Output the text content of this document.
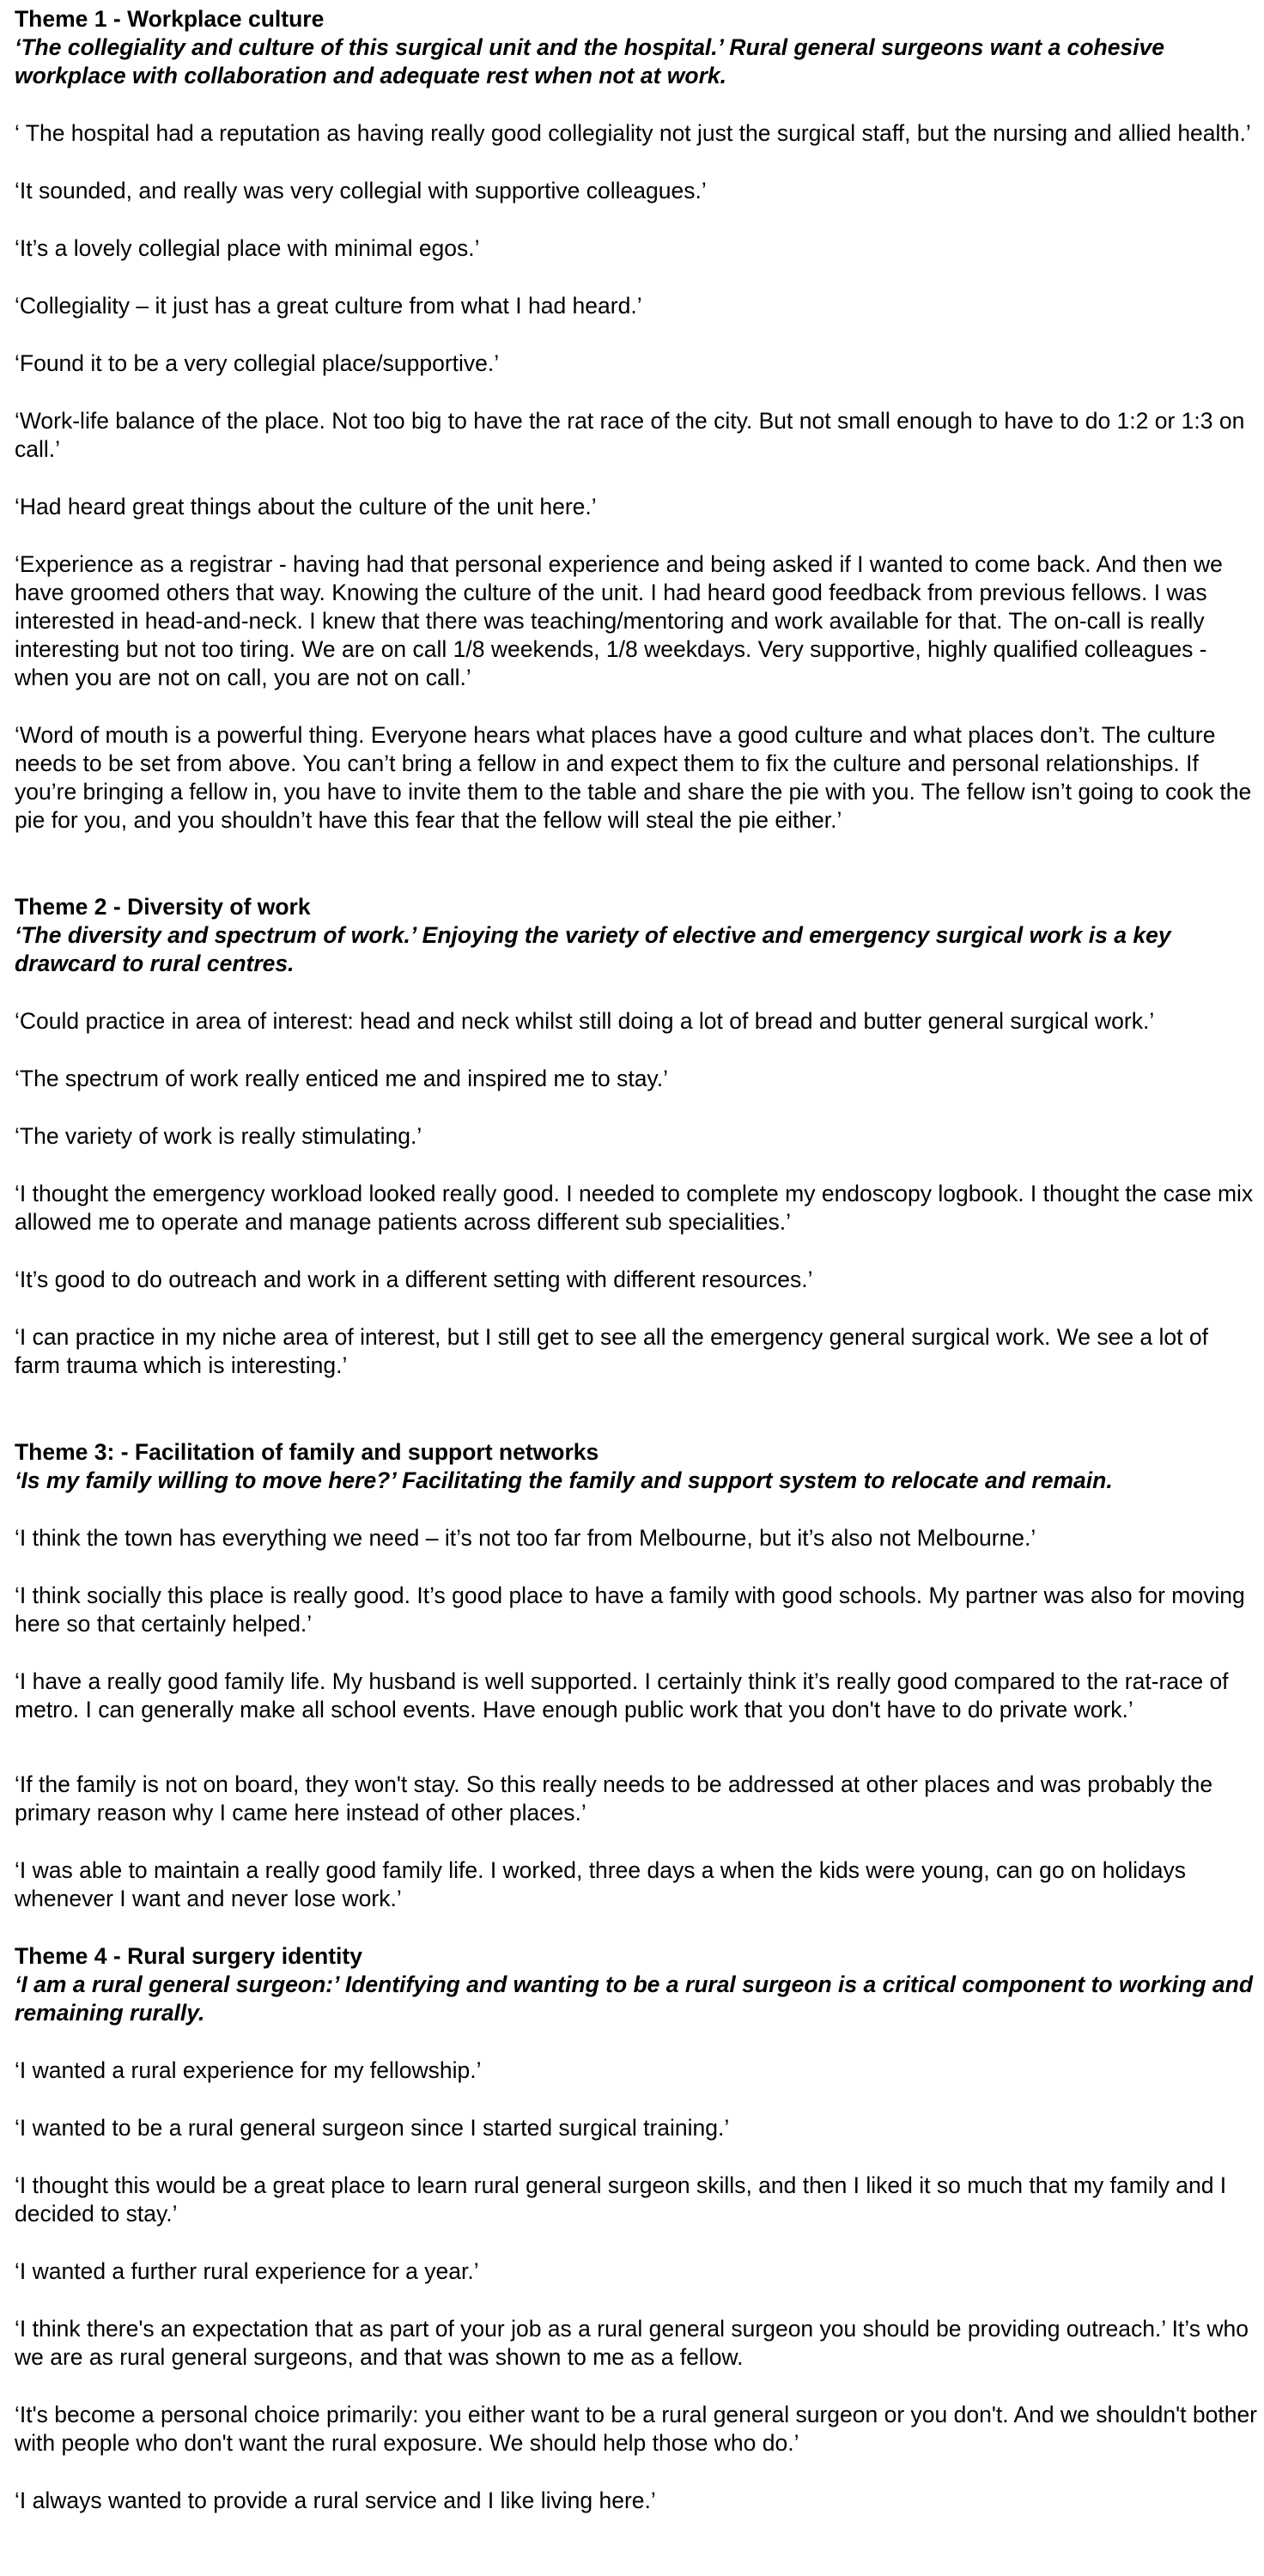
Theme 1 - Workplace culture

‘The collegiality and culture of this surgical unit and the hospital.’ Rural general surgeons want a cohesive workplace with collaboration and adequate rest when not at work.

‘ The hospital had a reputation as having really good collegiality not just the surgical staff, but the nursing and allied health.’

‘It sounded, and really was very collegial with supportive colleagues.’

‘It’s a lovely collegial place with minimal egos.’

‘Collegiality – it just has a great culture from what I had heard.’

‘Found it to be a very collegial place/supportive.’

‘Work-life balance of the place. Not too big to have the rat race of the city. But not small enough to have to do 1:2 or 1:3 on call.’

‘Had heard great things about the culture of the unit here.’

‘Experience as a registrar - having had that personal experience and being asked if I wanted to come back. And then we have groomed others that way. Knowing the culture of the unit. I had heard good feedback from previous fellows. I was interested in head-and-neck. I knew that there was teaching/mentoring and work available for that. The on-call is really interesting but not too tiring. We are on call 1/8 weekends, 1/8 weekdays. Very supportive, highly qualified colleagues - when you are not on call, you are not on call.’

‘Word of mouth is a powerful thing. Everyone hears what places have a good culture and what places don’t. The culture needs to be set from above. You can’t bring a fellow in and expect them to fix the culture and personal relationships. If you’re bringing a fellow in, you have to invite them to the table and share the pie with you. The fellow isn’t going to cook the pie for you, and you shouldn’t have this fear that the fellow will steal the pie either.’

Theme 2 - Diversity of work

‘The diversity and spectrum of work.’ Enjoying the variety of elective and emergency surgical work is a key drawcard to rural centres.

‘Could practice in area of interest: head and neck whilst still doing a lot of bread and butter general surgical work.’

‘The spectrum of work really enticed me and inspired me to stay.’

‘The variety of work is really stimulating.’

‘I thought the emergency workload looked really good. I needed to complete my endoscopy logbook. I thought the case mix allowed me to operate and manage patients across different sub specialities.’

‘It’s good to do outreach and work in a different setting with different resources.’

‘I can practice in my niche area of interest, but I still get to see all the emergency general surgical work. We see a lot of farm trauma which is interesting.’

Theme 3: - Facilitation of family and support networks

‘Is my family willing to move here?’ Facilitating the family and support system to relocate and remain.

‘I think the town has everything we need – it’s not too far from Melbourne, but it’s also not Melbourne.’

‘I think socially this place is really good. It’s good place to have a family with good schools. My partner was also for moving here so that certainly helped.’

‘I have a really good family life. My husband is well supported. I certainly think it’s really good compared to the rat-race of metro. I can generally make all school events. Have enough public work that you don't have to do private work.’

‘If the family is not on board, they won't stay. So this really needs to be addressed at other places and was probably the primary reason why I came here instead of other places.’

‘I was able to maintain a really good family life. I worked, three days a when the kids were young, can go on holidays whenever I want and never lose work.’

Theme 4 - Rural surgery identity

‘I am a rural general surgeon:’ Identifying and wanting to be a rural surgeon is a critical component to working and remaining rurally.

‘I wanted a rural experience for my fellowship.’

‘I wanted to be a rural general surgeon since I started surgical training.’

‘I thought this would be a great place to learn rural general surgeon skills, and then I liked it so much that my family and I decided to stay.’

‘I wanted a further rural experience for a year.’

‘I think there's an expectation that as part of your job as a rural general surgeon you should be providing outreach.’ It’s who we are as rural general surgeons, and that was shown to me as a fellow.

‘It's become a personal choice primarily: you either want to be a rural general surgeon or you don't. And we shouldn't bother with people who don't want the rural exposure. We should help those who do.’

‘I always wanted to provide a rural service and I like living here.’
